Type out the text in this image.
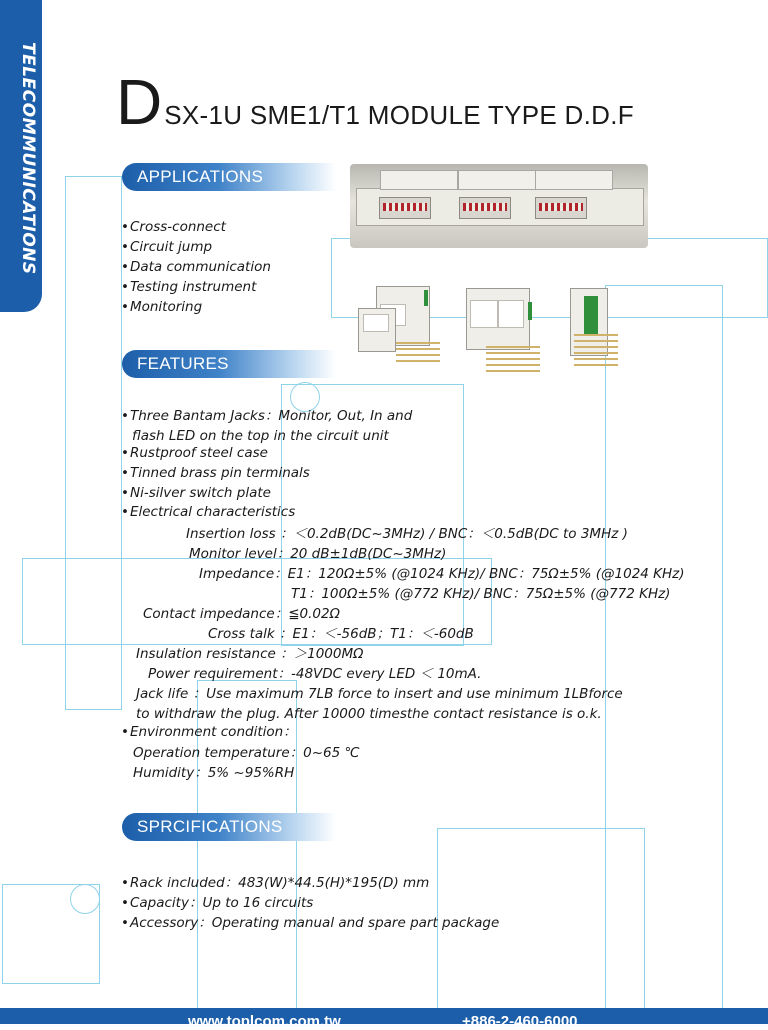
TELECOMMUNICATIONS DSX-1U SME1/T1 MODULE TYPE D.D.F
APPLICATIONS
•Cross-connect
•Circuit jump
•Data communication
•Testing instrument
•Monitoring
FEATURES
•Three Bantam Jacks：Monitor, Out, In and
flash LED on the top in the circuit unit
•Rustproof steel case
•Tinned brass pin terminals
•Ni-silver switch plate
•Electrical characteristics
Insertion loss ：＜0.2dB(DC~3MHz) / BNC：＜0.5dB(DC to 3MHz )
Monitor level：20 dB±1dB(DC~3MHz)
Impedance：E1：120Ω±5% (@1024 KHz)/ BNC：75Ω±5% (@1024 KHz)
T1：100Ω±5% (@772 KHz)/ BNC：75Ω±5% (@772 KHz)
Contact impedance：≦0.02Ω
Cross talk ：E1：＜-56dB；T1：＜-60dB
Insulation resistance ：＞1000MΩ
Power requirement：-48VDC every LED ＜ 10mA.
Jack life ：Use maximum 7LB force to insert and use minimum 1LBforce
to withdraw the plug. After 10000 timesthe contact resistance is o.k.
•Environment condition：
Operation temperature：0~65 ℃
Humidity：5% ~95%RH
SPRCIFICATIONS
•Rack included：483(W)*44.5(H)*195(D) mm
•Capacity：Up to 16 circuits
•Accessory：Operating manual and spare part package
www.toplcom.com.tw	+886-2-460-6000
